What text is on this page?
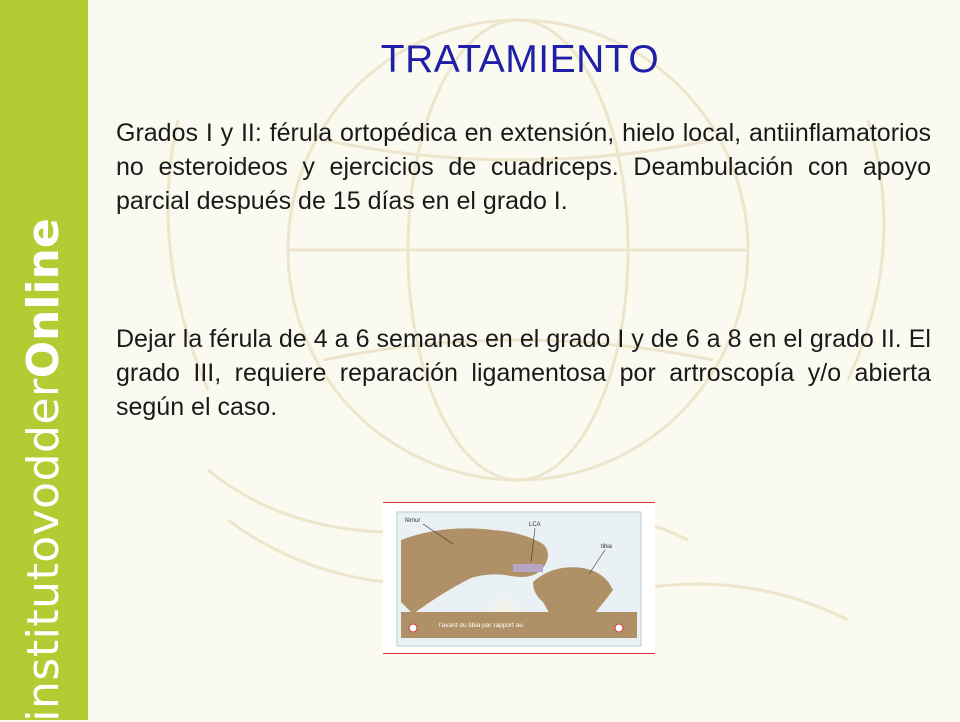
institutovodderOnline
TRATAMIENTO

Grados I y II: férula ortopédica en extensión, hielo local, antiinflamatorios no esteroideos y ejercicios de cuadriceps. Deambulación con apoyo parcial después de 15 días en el grado I.

Dejar la férula de 4 a 6 semanas en el grado I y de 6 a 8 en el grado II. El grado III, requiere reparación ligamentosa por artroscopía y/o abierta según el caso.

fémur
LCA
tibia
l'avant du tibia par rapport au
